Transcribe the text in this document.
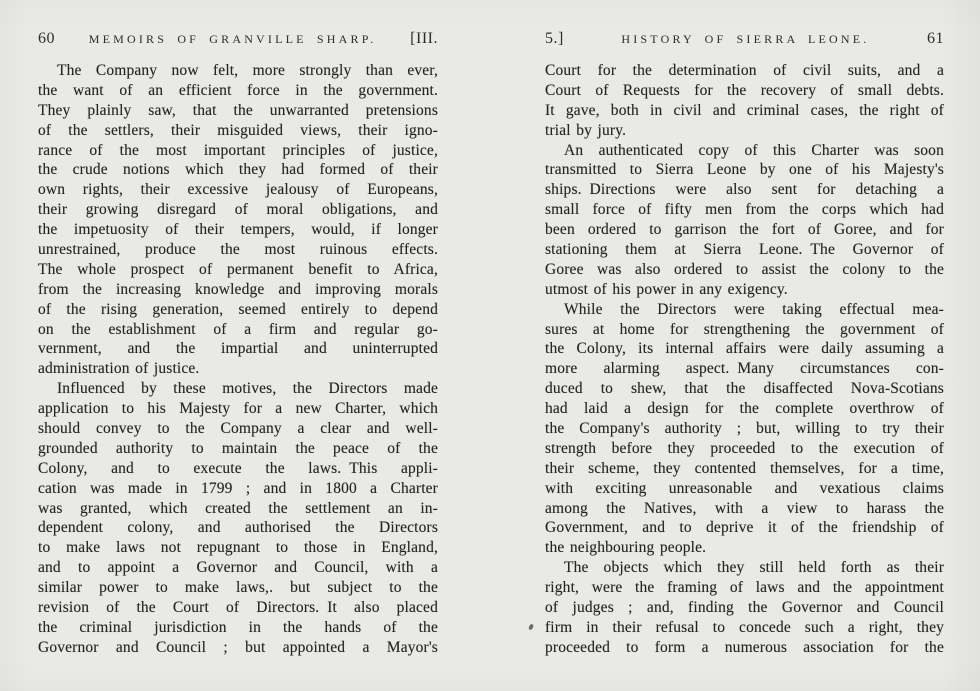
60	MEMOIRS OF GRANVILLE SHARP. [III.
The Company now felt, more strongly than ever,
the want of an efficient force in the government.
They plainly saw, that the unwarranted pretensions
of the settlers, their misguided views, their igno-
rance of the most important principles of justice,
the crude notions which they had formed of their
own rights, their excessive jealousy of Europeans,
their growing disregard of moral obligations, and
the impetuosity of their tempers, would, if longer
unrestrained, produce the most ruinous effects.
The whole prospect of permanent benefit to Africa,
from the increasing knowledge and improving morals
of the rising generation, seemed entirely to depend
on the establishment of a firm and regular go-
vernment, and the impartial and uninterrupted
administration of justice.
Influenced by these motives, the Directors made
application to his Majesty for a new Charter, which
should convey to the Company a clear and well-
grounded authority to maintain the peace of the
Colony, and to execute the laws. This appli-
cation was made in 1799 ; and in 1800 a Charter
was granted, which created the settlement an in-
dependent colony, and authorised the Directors
to make laws not repugnant to those in England,
and to appoint a Governor and Council, with a
similar power to make laws,. but subject to the
revision of the Court of Directors. It also placed
the criminal jurisdiction in the hands of the
Governor and Council ; but appointed a Mayor's
5.]	HISTORY OF SIERRA LEONE.	61
Court for the determination of civil suits, and a
Court of Requests for the recovery of small debts.
It gave, both in civil and criminal cases, the right of
trial by jury.
An authenticated copy of this Charter was soon
transmitted to Sierra Leone by one of his Majesty's
ships. Directions were also sent for detaching a
small force of fifty men from the corps which had
been ordered to garrison the fort of Goree, and for
stationing them at Sierra Leone. The Governor of
Goree was also ordered to assist the colony to the
utmost of his power in any exigency.
While the Directors were taking effectual mea-
sures at home for strengthening the government of
the Colony, its internal affairs were daily assuming a
more alarming aspect. Many circumstances con-
duced to shew, that the disaffected Nova-Scotians
had laid a design for the complete overthrow of
the Company's authority ; but, willing to try their
strength before they proceeded to the execution of
their scheme, they contented themselves, for a time,
with exciting unreasonable and vexatious claims
among the Natives, with a view to harass the
Government, and to deprive it of the friendship of
the neighbouring people.
The objects which they still held forth as their
right, were the framing of laws and the appointment
of judges ; and, finding the Governor and Council
firm in their refusal to concede such a right, they
proceeded to form a numerous association for the
